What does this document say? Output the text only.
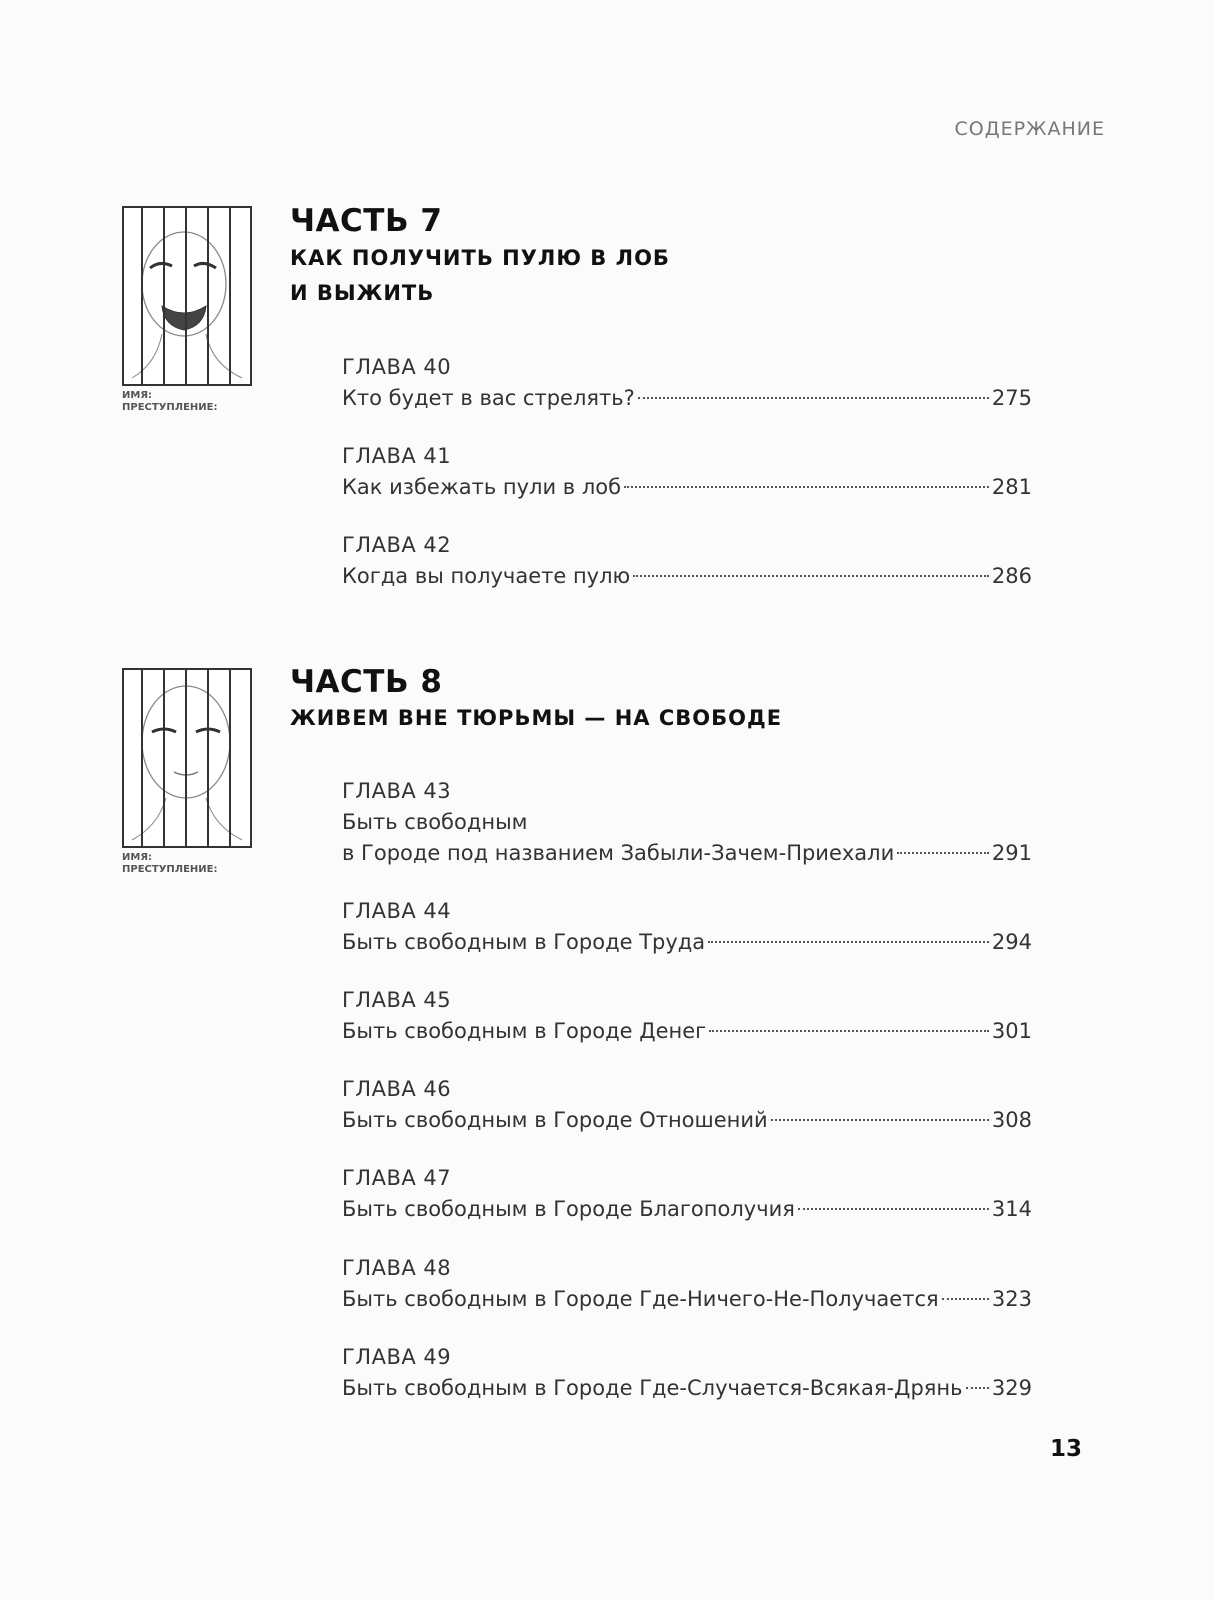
СОДЕРЖАНИЕ
ИМЯ:
ПРЕСТУПЛЕНИЕ:
ЧАСТЬ 7
КАК ПОЛУЧИТЬ ПУЛЮ В ЛОБ
И ВЫЖИТЬ
ГЛАВА 40
Кто будет в вас стрелять?	275
ГЛАВА 41
Как избежать пули в лоб	281
ГЛАВА 42
Когда вы получаете пулю	286
ИМЯ:
ПРЕСТУПЛЕНИЕ:
ЧАСТЬ 8
ЖИВЕМ ВНЕ ТЮРЬМЫ — НА СВОБОДЕ
ГЛАВА 43
Быть свободным
в Городе под названием Забыли-Зачем-Приехали	291
ГЛАВА 44
Быть свободным в Городе Труда	294
ГЛАВА 45
Быть свободным в Городе Денег	301
ГЛАВА 46
Быть свободным в Городе Отношений	308
ГЛАВА 47
Быть свободным в Городе Благополучия	314
ГЛАВА 48
Быть свободным в Городе Где-Ничего-Не-Получается	323
ГЛАВА 49
Быть свободным в Городе Где-Случается-Всякая-Дрянь 329
13
